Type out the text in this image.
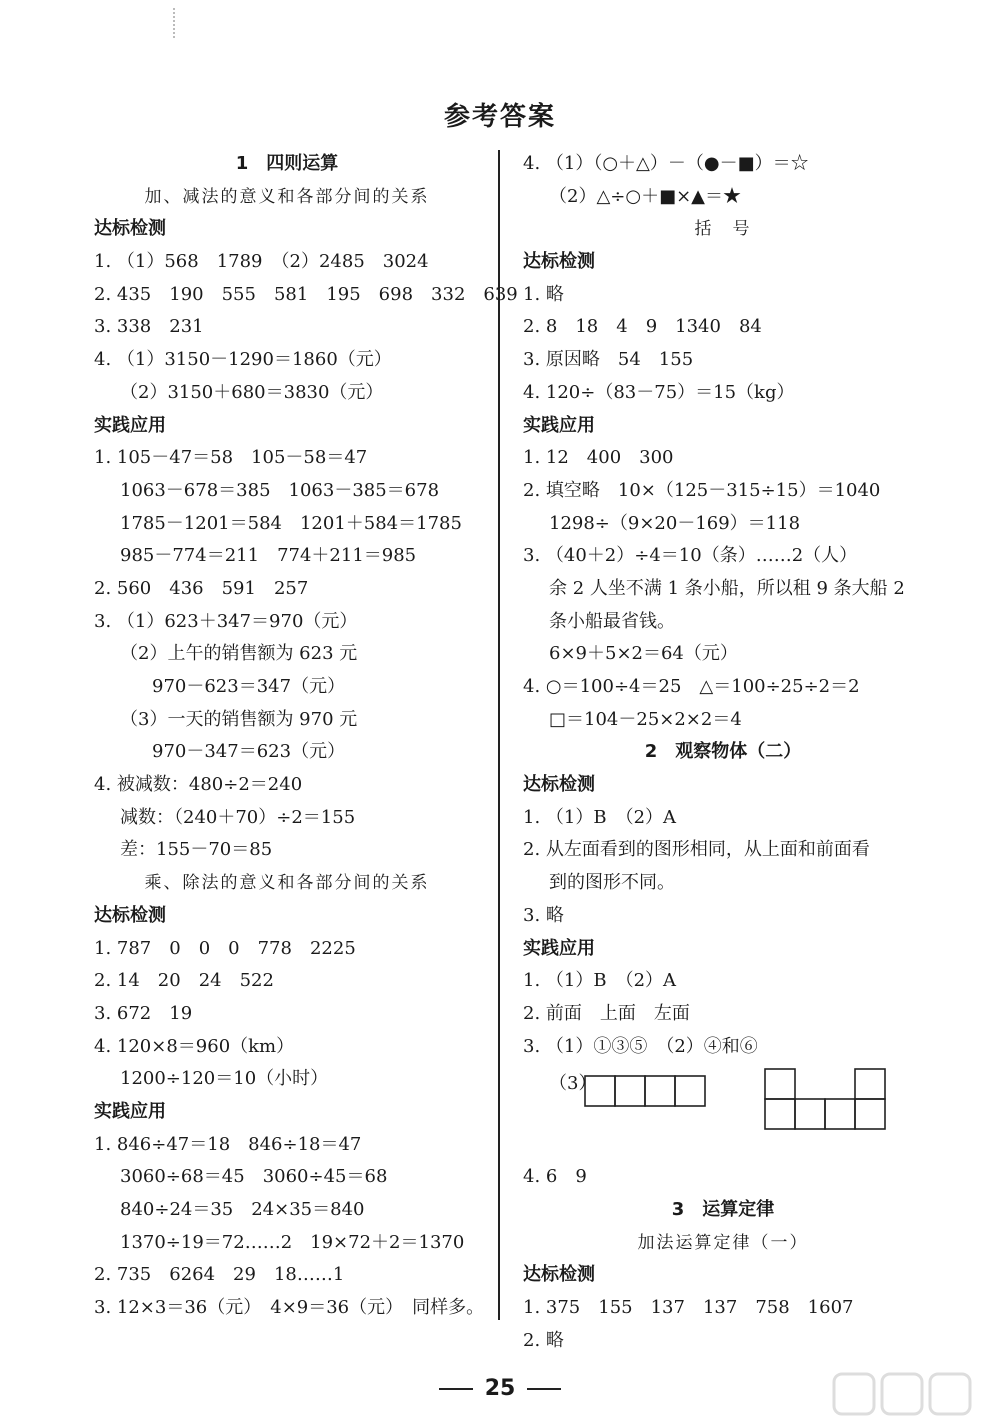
参考答案
1　四则运算
加、减法的意义和各部分间的关系
达标检测
1. （1）568　1789　（2）2485　3024
2. 435　190　555　581　195　698　332　639
3. 338　231
4. （1）3150－1290＝1860（元）
（2）3150＋680＝3830（元）
实践应用
1. 105－47＝58　105－58＝47
1063－678＝385　1063－385＝678
1785－1201＝584　1201＋584＝1785
985－774＝211　774＋211＝985
2. 560　436　591　257
3. （1）623＋347＝970（元）
（2）上午的销售额为 623 元
970－623＝347（元）
（3）一天的销售额为 970 元
970－347＝623（元）
4. 被减数：480÷2＝240
减数：（240＋70）÷2＝155
差：155－70＝85
乘、除法的意义和各部分间的关系
达标检测
1. 787　0　0　0　778　2225
2. 14　20　24　522
3. 672　19
4. 120×8＝960（km）
1200÷120＝10（小时）
实践应用
1. 846÷47＝18　846÷18＝47
3060÷68＝45　3060÷45＝68
840÷24＝35　24×35＝840
1370÷19＝72……2　19×72＋2＝1370
2. 735　6264　29　18……1
3. 12×3＝36（元）　4×9＝36（元）　同样多。
4. （1）（○＋△）－（●－■）＝☆
（2）△÷○＋■×▲＝★
括　号
达标检测
1. 略
2. 8　18　4　9　1340　84
3. 原因略　54　155
4. 120÷（83－75）＝15（kg）
实践应用
1. 12　400　300
2. 填空略　10×（125－315÷15）＝1040
1298÷（9×20－169）＝118
3. （40＋2）÷4＝10（条）……2（人）
余 2 人坐不满 1 条小船，所以租 9 条大船 2
条小船最省钱。
6×9＋5×2＝64（元）
4. ○＝100÷4＝25　△＝100÷25÷2＝2
□＝104－25×2×2＝4
2　观察物体（二）
达标检测
1. （1）B　（2）A
2. 从左面看到的图形相同，从上面和前面看
到的图形不同。
3. 略
实践应用
1. （1）B　（2）A
2. 前面　上面　左面
3. （1）①③⑤　（2）④和⑥
（3）
4. 6　9
3　运算定律
加法运算定律（一）
达标检测
1. 375　155　137　137　758　1607
2. 略
25
